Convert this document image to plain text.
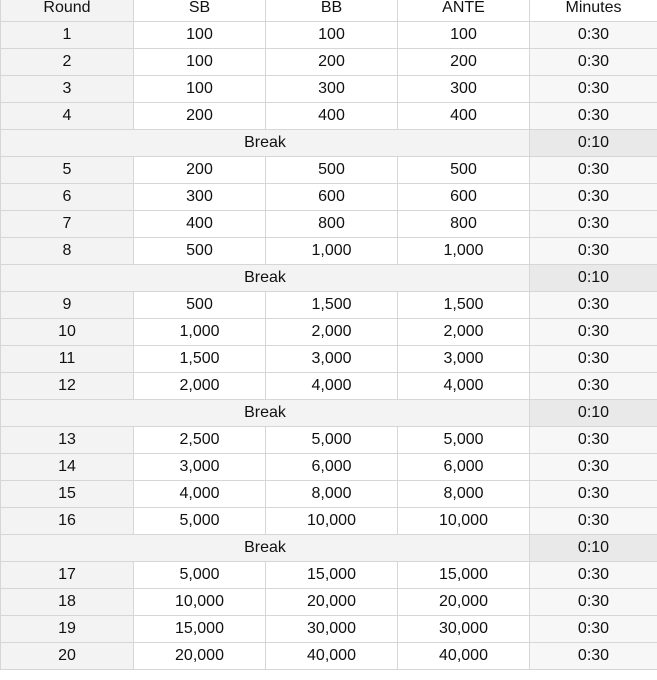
Round	SB	BB	ANTE	Minutes
1	100	100	100	0:30
2	100	200	200	0:30
3	100	300	300	0:30
4	200	400	400	0:30
Break				0:10
5	200	500	500	0:30
6	300	600	600	0:30
7	400	800	800	0:30
8	500	1,000	1,000	0:30
Break				0:10
9	500	1,500	1,500	0:30
10	1,000	2,000	2,000	0:30
11	1,500	3,000	3,000	0:30
12	2,000	4,000	4,000	0:30
Break				0:10
13	2,500	5,000	5,000	0:30
14	3,000	6,000	6,000	0:30
15	4,000	8,000	8,000	0:30
16	5,000	10,000	10,000	0:30
Break				0:10
17	5,000	15,000	15,000	0:30
18	10,000	20,000	20,000	0:30
19	15,000	30,000	30,000	0:30
20	20,000	40,000	40,000	0:30
